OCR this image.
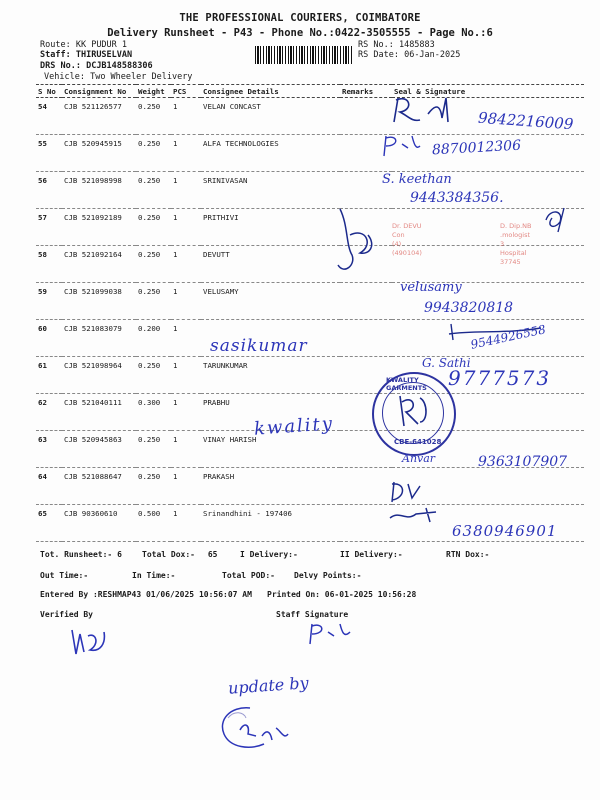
THE PROFESSIONAL COURIERS, COIMBATORE
Delivery Runsheet - P43 - Phone No.:0422-3505555 - Page No.:6
Route: KK PUDUR 1
Staff: THIRUSELVAN
DRS No.: DCJB148588306
Vehicle: Two Wheeler Delivery
RS No.: 1485883
RS Date: 06-Jan-2025
S No	Consignment No	Weight	PCS	Consignee Details	Remarks	Seal & Signature
54	CJB 521126577	0.250	1	VELAN CONCAST		
55	CJB 520945915	0.250	1	ALFA TECHNOLOGIES		
56	CJB 521098998	0.250	1	SRINIVASAN		
57	CJB 521092189	0.250	1	PRITHIVI		
58	CJB 521092164	0.250	1	DEVUTT		
59	CJB 521099038	0.250	1	VELUSAMY		
60	CJB 521083079	0.200	1			
61	CJB 521098964	0.250	1	TARUNKUMAR		
62	CJB 521040111	0.300	1	PRABHU		
63	CJB 520945863	0.250	1	VINAY HARISH		
64	CJB 521088647	0.250	1	PRAKASH		
65	CJB 90360610	0.500	1	Srinandhini - 197406		
9842216009
8870012306
S. keethan
9443384356.
Dr. DEVU
Con
(4)
(490104)
D. Dip.NB
.mologist
3
Hospital
37745
velusamy
9943820818
sasikumar	9544926558
G. Sathi
9777573
KWALITY GARMENTS
CBE-641028
kwality
Anvar	9363107907
6380946901
Tot. Runsheet:- 6	Total Dox:- 65	I Delivery:-	II Delivery:-	RTN Dox:-
Out Time:-	In Time:-	Total POD:- Delvy Points:-
Entered By :RESHMAP43 01/06/2025 10:56:07 AM Printed On: 06-01-2025 10:56:28
Verified By	Staff Signature
update by
